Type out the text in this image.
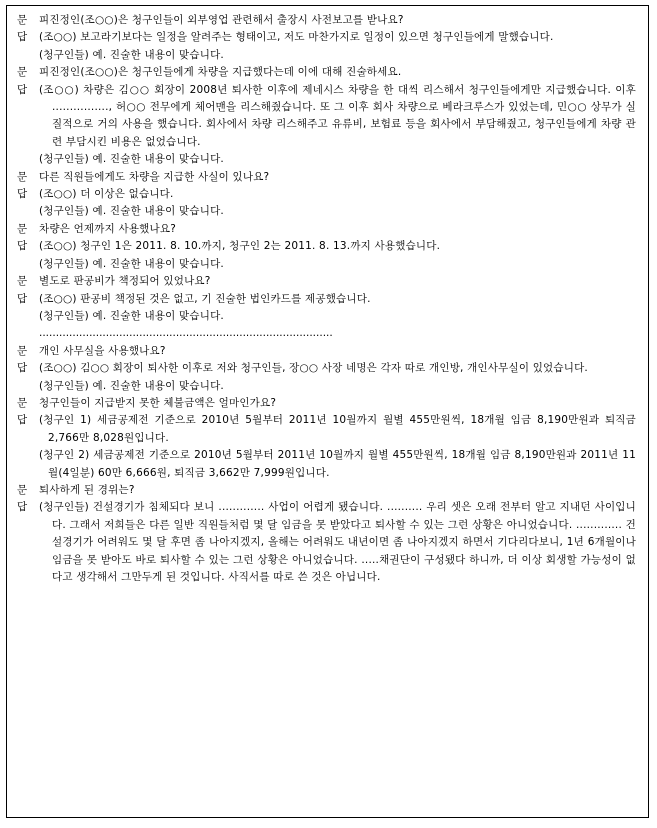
문	피진정인(조○○)은 청구인들이 외부영업 관련해서 출장시 사전보고를 받나요?
답	(조○○) 보고라기보다는 일정을 알려주는 형태이고, 저도 마찬가지로 일정이 있으면 청구인들에게 말했습니다.
(청구인들) 예. 진술한 내용이 맞습니다.
문	피진정인(조○○)은 청구인들에게 차량을 지급했다는데 이에 대해 진술하세요.
답	(조○○) 차량은 김○○ 회장이 2008년 퇴사한 이후에 제네시스 차량을 한 대씩 리스해서 청구인들에게만 지급했습니다. 이후 ................, 허○○ 전무에게 체어맨을 리스해줬습니다. 또 그 이후 회사 차량으로 베라크루스가 있었는데, 민○○ 상무가 실질적으로 거의 사용을 했습니다. 회사에서 차량 리스해주고 유류비, 보험료 등을 회사에서 부담해줬고, 청구인들에게 차량 관련 부담시킨 비용은 없었습니다.
(청구인들) 예. 진술한 내용이 맞습니다.
문	다른 직원들에게도 차량을 지급한 사실이 있나요?
답	(조○○) 더 이상은 없습니다.
(청구인들) 예. 진술한 내용이 맞습니다.
문	차량은 언제까지 사용했나요?
답	(조○○) 청구인 1은 2011. 8. 10.까지, 청구인 2는 2011. 8. 13.까지 사용했습니다.
(청구인들) 예. 진술한 내용이 맞습니다.
문	별도로 판공비가 책정되어 있었나요?
답	(조○○) 판공비 책정된 것은 없고, 기 진술한 법인카드를 제공했습니다.
(청구인들) 예. 진술한 내용이 맞습니다.
........................................................................................
문	개인 사무실을 사용했나요?
답	(조○○) 김○○ 회장이 퇴사한 이후로 저와 청구인들, 장○○ 사장 네명은 각자 따로 개인방, 개인사무실이 있었습니다.
(청구인들) 예. 진술한 내용이 맞습니다.
문	청구인들이 지급받지 못한 체불금액은 얼마인가요?
답	(청구인 1) 세금공제전 기준으로 2010년 5월부터 2011년 10월까지 월별 455만원씩, 18개월 임금 8,190만원과 퇴직금 2,766만 8,028원입니다.
(청구인 2) 세금공제전 기준으로 2010년 5월부터 2011년 10월까지 월별 455만원씩, 18개월 임금 8,190만원과 2011년 11월(4일분) 60만 6,666원, 퇴직금 3,662만 7,999원입니다.
문	퇴사하게 된 경위는?
답	(청구인들) 건설경기가 침체되다 보니 ............. 사업이 어렵게 됐습니다. .......... 우리 셋은 오래 전부터 알고 지내던 사이입니다. 그래서 저희들은 다른 일반 직원들처럼 몇 달 임금을 못 받았다고 퇴사할 수 있는 그런 상황은 아니었습니다. ............. 건설경기가 어려워도 몇 달 후면 좀 나아지겠지, 올해는 어려워도 내년이면 좀 나아지겠지 하면서 기다리다보니, 1년 6개월이나 임금을 못 받아도 바로 퇴사할 수 있는 그런 상황은 아니었습니다. .....채권단이 구성됐다 하니까, 더 이상 회생할 가능성이 없다고 생각해서 그만두게 된 것입니다. 사직서를 따로 쓴 것은 아닙니다.
